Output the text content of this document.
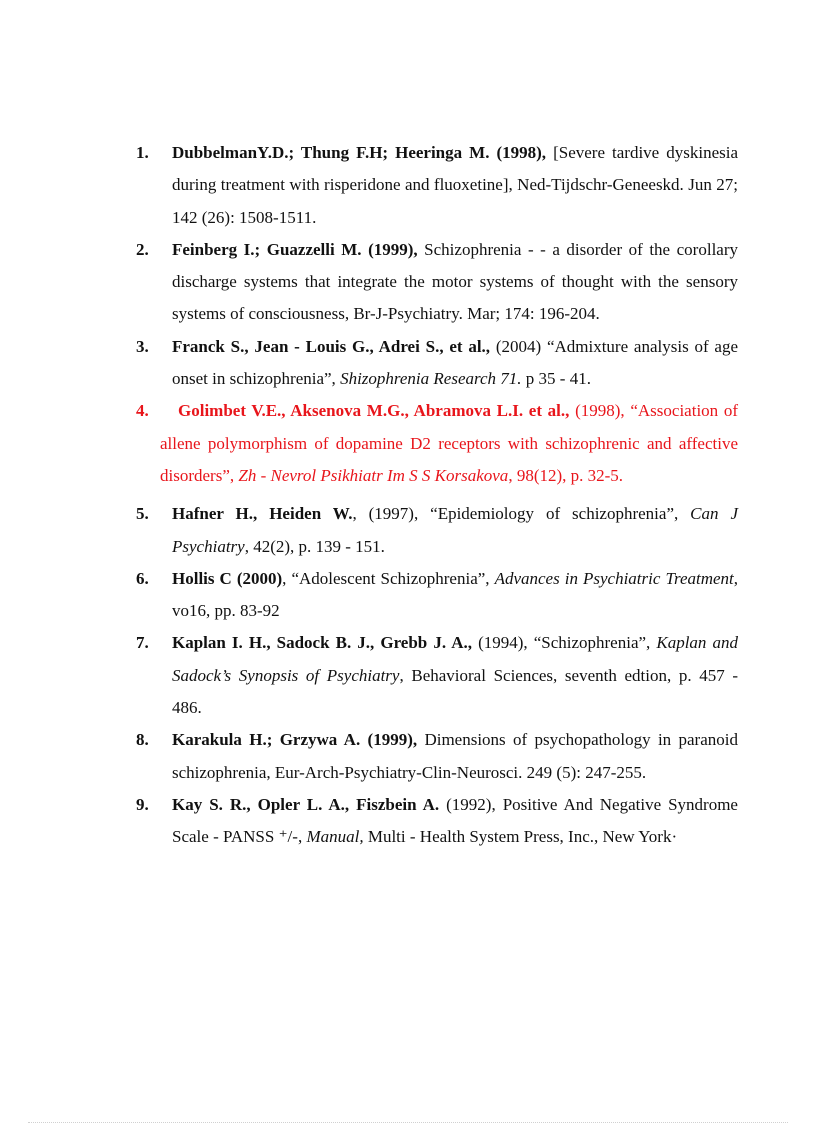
1. DubbelmanY.D.; Thung F.H; Heeringa M. (1998), [Severe tardive dyskinesia during treatment with risperidone and fluoxetine], Ned-Tijdschr-Geneeskd. Jun 27; 142 (26): 1508-1511.
2. Feinberg I.; Guazzelli M. (1999), Schizophrenia - - a disorder of the corollary discharge systems that integrate the motor systems of thought with the sensory systems of consciousness, Br-J-Psychiatry. Mar; 174: 196-204.
3. Franck S., Jean - Louis G., Adrei S., et al., (2004) “Admixture analysis of age onset in schizophrenia”, Shizophrenia Research 71. p 35 - 41.
4. Golimbet V.E., Aksenova M.G., Abramova L.I. et al., (1998), “Association of allene polymorphism of dopamine D2 receptors with schizophrenic and affective disorders”, Zh - Nevrol Psikhiatr Im S S Korsakova, 98(12), p. 32-5.
5. Hafner H., Heiden W., (1997), “Epidemiology of schizophrenia”, Can J Psychiatry, 42(2), p. 139 - 151.
6. Hollis C (2000), “Adolescent Schizophrenia”, Advances in Psychiatric Treatment, vo16, pp. 83-92
7. Kaplan I. H., Sadock B. J., Grebb J. A., (1994), “Schizophrenia”, Kaplan and Sadock’s Synopsis of Psychiatry, Behavioral Sciences, seventh edtion, p. 457 - 486.
8. Karakula H.; Grzywa A. (1999), Dimensions of psychopathology in paranoid schizophrenia, Eur-Arch-Psychiatry-Clin-Neurosci. 249 (5): 247-255.
9. Kay S. R., Opler L. A., Fiszbein A. (1992), Positive And Negative Syndrome Scale - PANSS ⁺/-, Manual, Multi - Health System Press, Inc., New York·
